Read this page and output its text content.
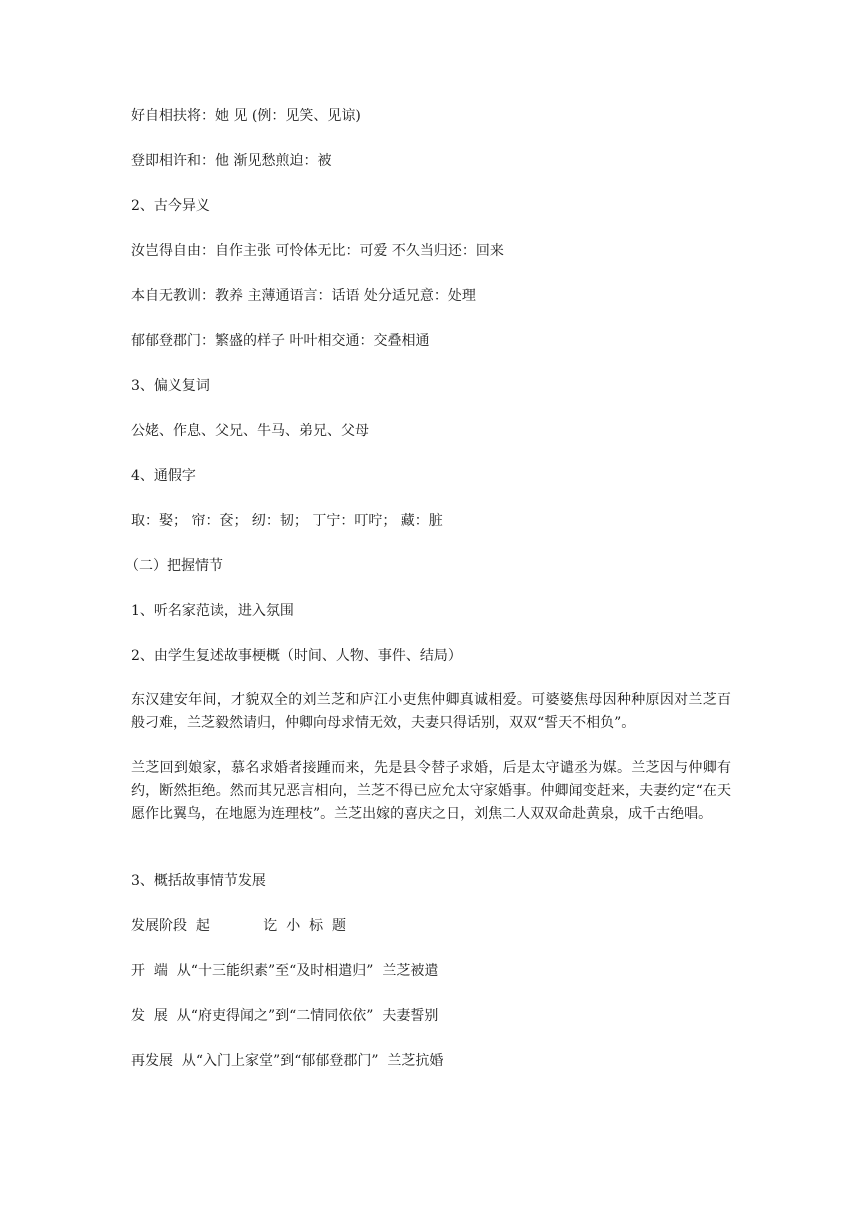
好自相扶将：她 见 (例：见笑、见谅)
登即相许和：他 渐见愁煎迫：被
2、古今异义
汝岂得自由：自作主张 可怜体无比：可爱 不久当归还：回来
本自无教训：教养 主薄通语言：话语 处分适兄意：处理
郁郁登郡门：繁盛的样子 叶叶相交通：交叠相通
3、偏义复词
公姥、作息、父兄、牛马、弟兄、父母
4、通假字
取：娶； 帘：奁； 纫：韧； 丁宁：叮咛； 藏：脏
（二）把握情节
1、听名家范读，进入氛围
2、由学生复述故事梗概（时间、人物、事件、结局）
东汉建安年间，才貌双全的刘兰芝和庐江小吏焦仲卿真诚相爱。可婆婆焦母因种种原因对兰芝百般刁难，兰芝毅然请归，仲卿向母求情无效，夫妻只得话别，双双“誓天不相负”。
兰芝回到娘家，慕名求婚者接踵而来，先是县令替子求婚，后是太守谴丞为媒。兰芝因与仲卿有约，断然拒绝。然而其兄恶言相向，兰芝不得已应允太守家婚事。仲卿闻变赶来，夫妻约定“在天愿作比翼鸟，在地愿为连理枝”。兰芝出嫁的喜庆之日，刘焦二人双双命赴黄泉，成千古绝唱。
3、概括故事情节发展
发展阶段  起            讫  小  标  题
开  端  从“十三能织素”至“及时相遣归”  兰芝被遣
发  展  从“府吏得闻之”到“二情同依依”  夫妻誓别
再发展  从“入门上家堂”到“郁郁登郡门”  兰芝抗婚
